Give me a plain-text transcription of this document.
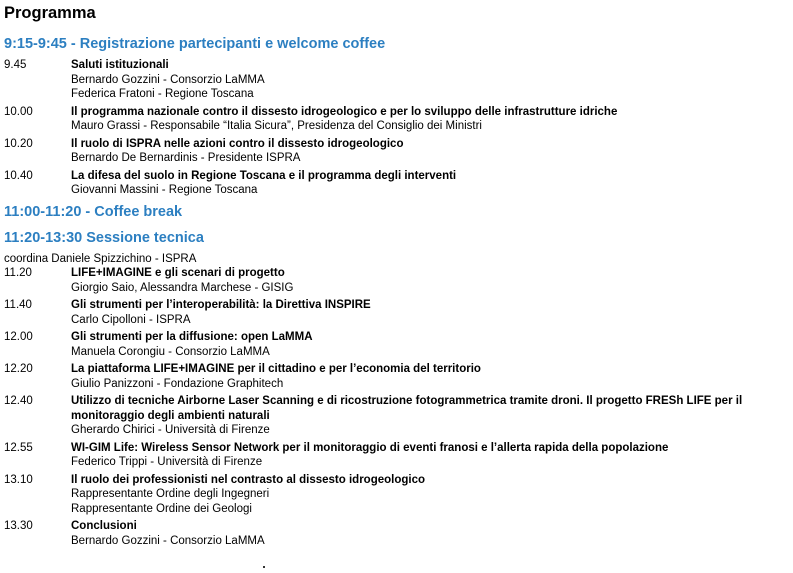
Programma
9:15-9:45 - Registrazione partecipanti e welcome coffee
9.45	Saluti istituzionali
Bernardo Gozzini - Consorzio LaMMA
Federica Fratoni - Regione Toscana
10.00	Il programma nazionale contro il dissesto idrogeologico e per lo sviluppo delle infrastrutture idriche
Mauro Grassi - Responsabile “Italia Sicura”, Presidenza del Consiglio dei Ministri
10.20	Il ruolo di ISPRA nelle azioni contro il dissesto idrogeologico
Bernardo De Bernardinis - Presidente ISPRA
10.40	La difesa del suolo in Regione Toscana e il programma degli interventi
Giovanni Massini - Regione Toscana
11:00-11:20 - Coffee break
11:20-13:30 Sessione tecnica
coordina Daniele Spizzichino - ISPRA
11.20	LIFE+IMAGINE e gli scenari di progetto
Giorgio Saio, Alessandra Marchese - GISIG
11.40	Gli strumenti per l’interoperabilità: la Direttiva INSPIRE
Carlo Cipolloni - ISPRA
12.00	Gli strumenti per la diffusione: open LaMMA
Manuela Corongiu - Consorzio LaMMA
12.20	La piattaforma LIFE+IMAGINE per il cittadino e per l’economia del territorio
Giulio Panizzoni - Fondazione Graphitech
12.40	Utilizzo di tecniche Airborne Laser Scanning e di ricostruzione fotogrammetrica tramite droni. Il progetto FRESh LIFE per il monitoraggio degli ambienti naturali
Gherardo Chirici - Università di Firenze
12.55	WI-GIM Life: Wireless Sensor Network per il monitoraggio di eventi franosi e l’allerta rapida della popolazione
Federico Trippi - Università di Firenze
13.10	Il ruolo dei professionisti nel contrasto al dissesto idrogeologico
Rappresentante Ordine degli Ingegneri
Rappresentante Ordine dei Geologi
13.30	Conclusioni
Bernardo Gozzini - Consorzio LaMMA
